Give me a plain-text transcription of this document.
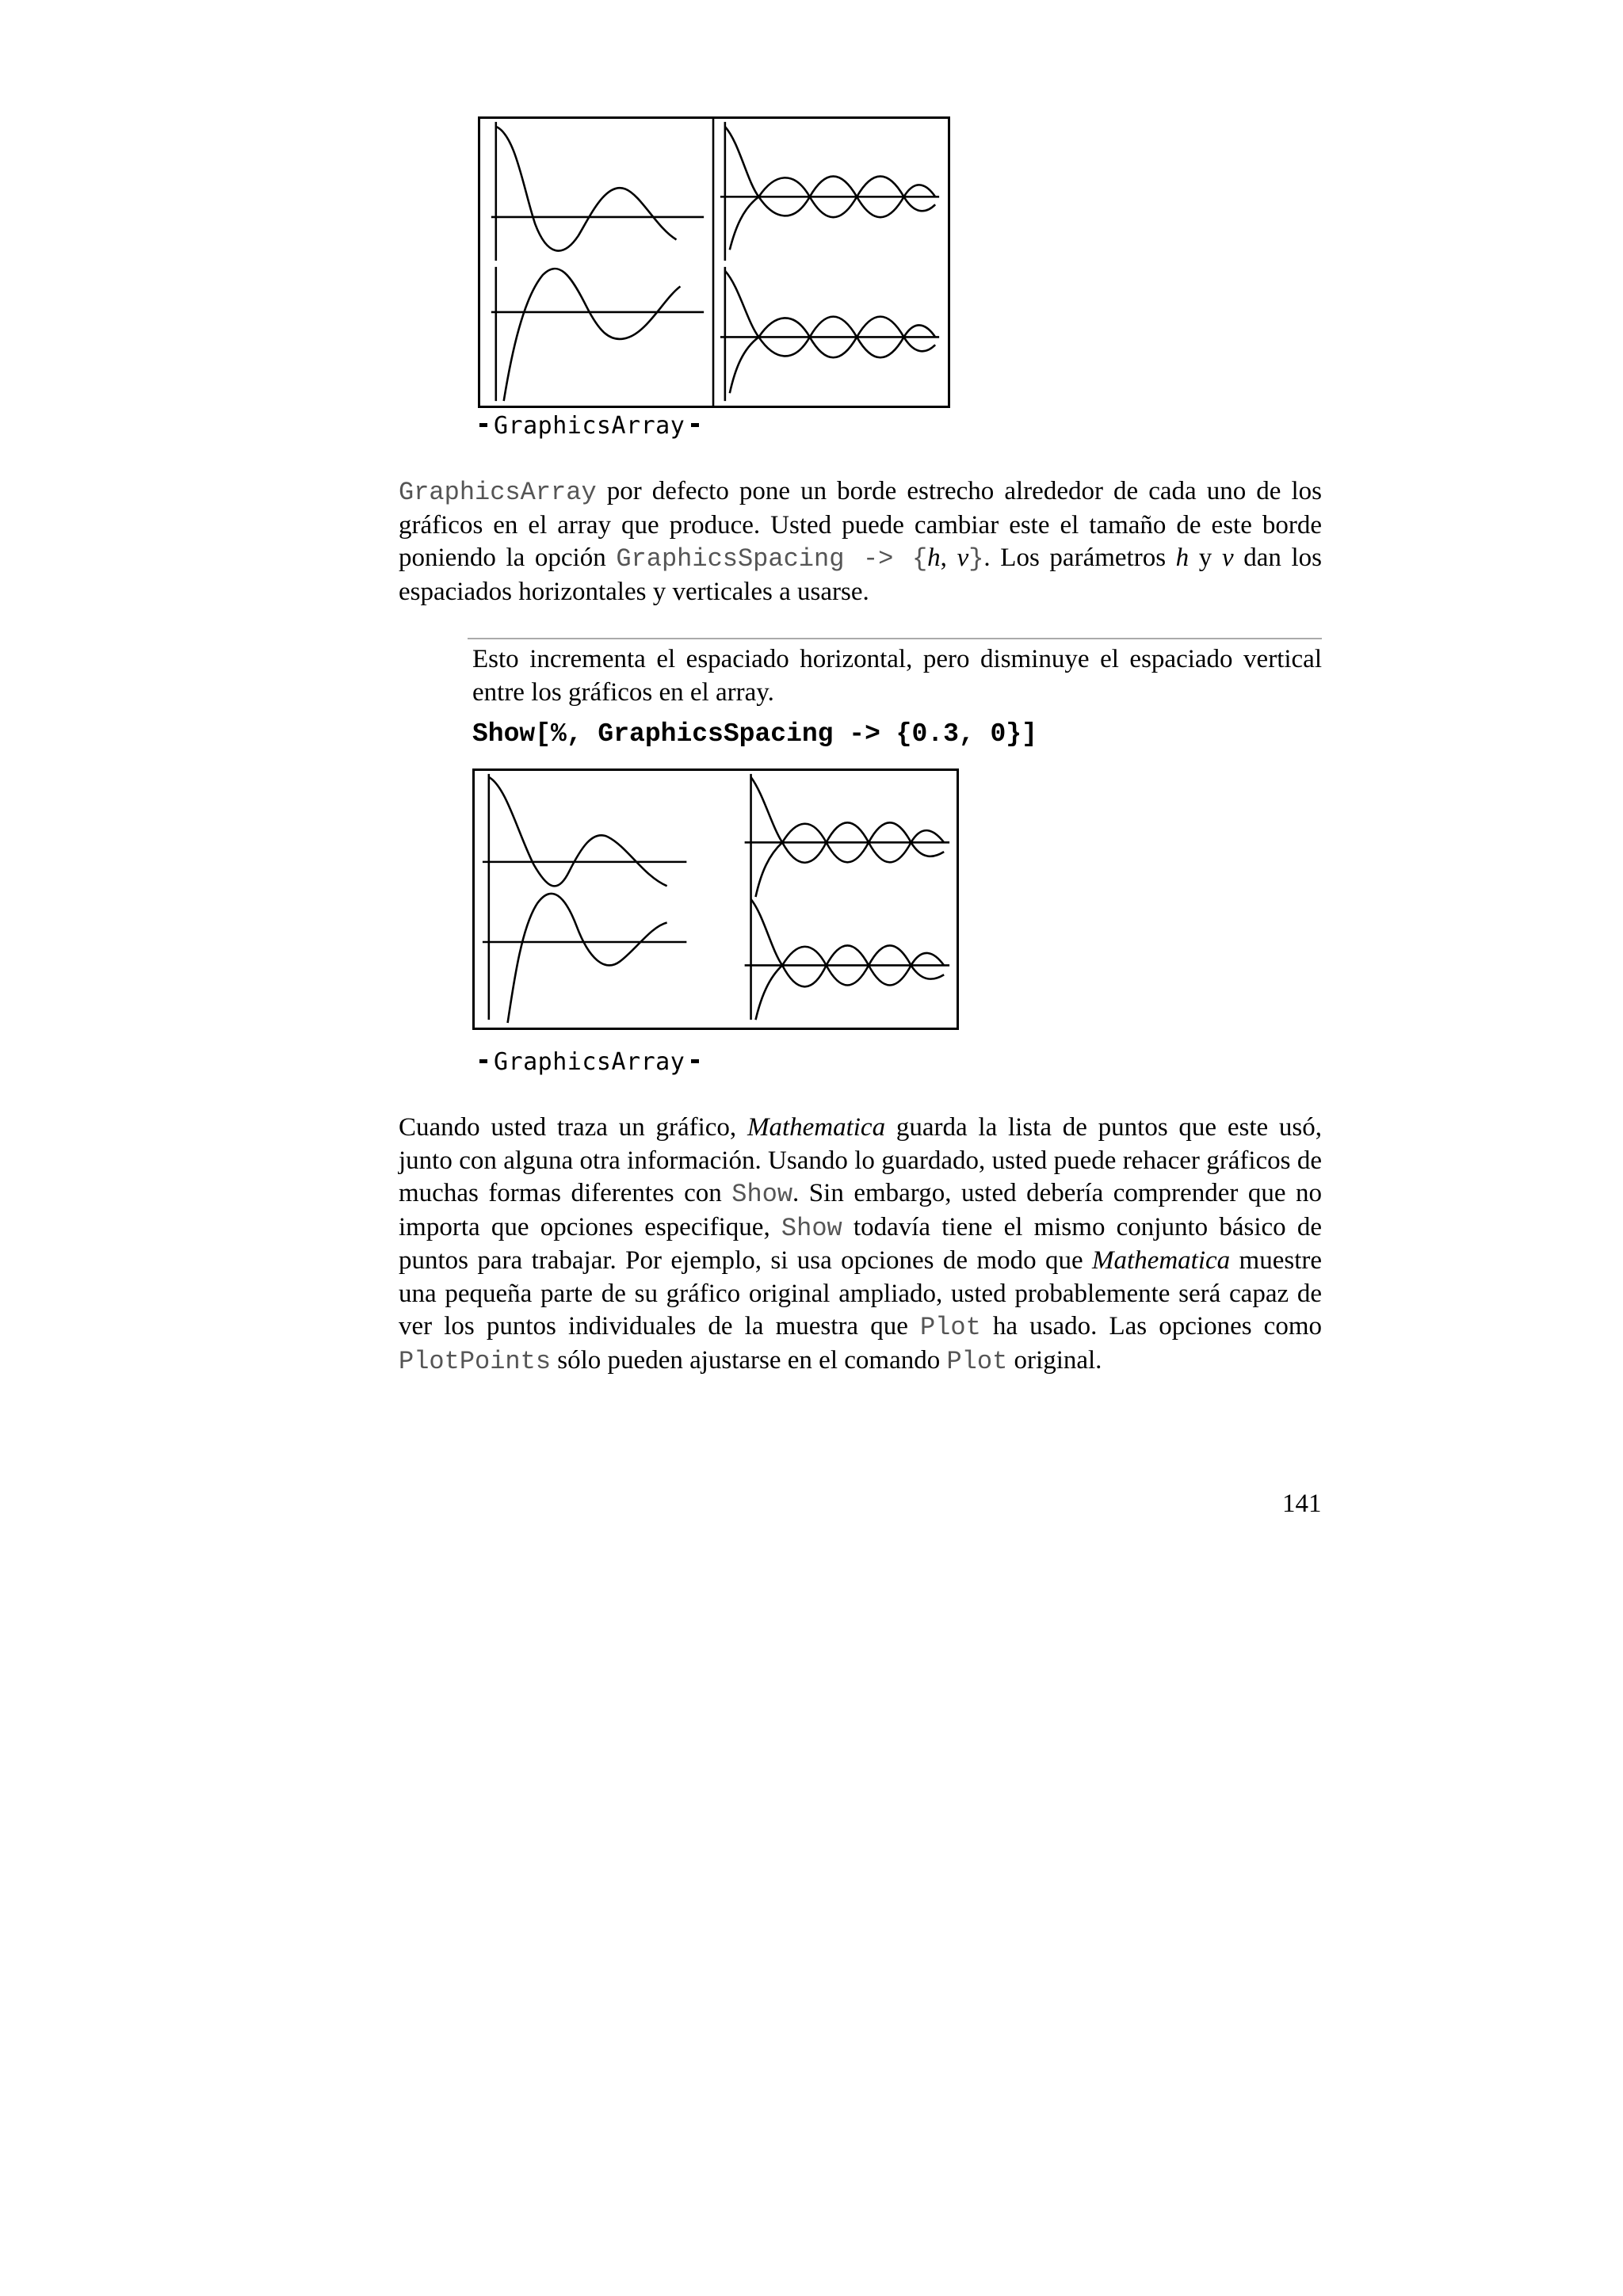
GraphicsArray

GraphicsArray por defecto pone un borde estrecho alrededor de cada uno de los gráficos en el array que produce. Usted puede cambiar este el tamaño de este borde poniendo la opción GraphicsSpacing -> {h, v}. Los parámetros h y v dan los espaciados horizontales y verticales a usarse.

Esto incrementa el espaciado horizontal, pero disminuye el espaciado vertical entre los gráficos en el array.

Show[%, GraphicsSpacing -> {0.3, 0}]
GraphicsArray

Cuando usted traza un gráfico, Mathematica guarda la lista de puntos que este usó, junto con alguna otra información. Usando lo guardado, usted puede rehacer gráficos de muchas formas diferentes con Show. Sin embargo, usted debería comprender que no importa que opciones especifique, Show todavía tiene el mismo conjunto básico de puntos para trabajar. Por ejemplo, si usa opciones de modo que Mathematica muestre una pequeña parte de su gráfico original ampliado, usted probablemente será capaz de ver los puntos individuales de la muestra que Plot ha usado. Las opciones como PlotPoints sólo pueden ajustarse en el comando Plot original.

141
